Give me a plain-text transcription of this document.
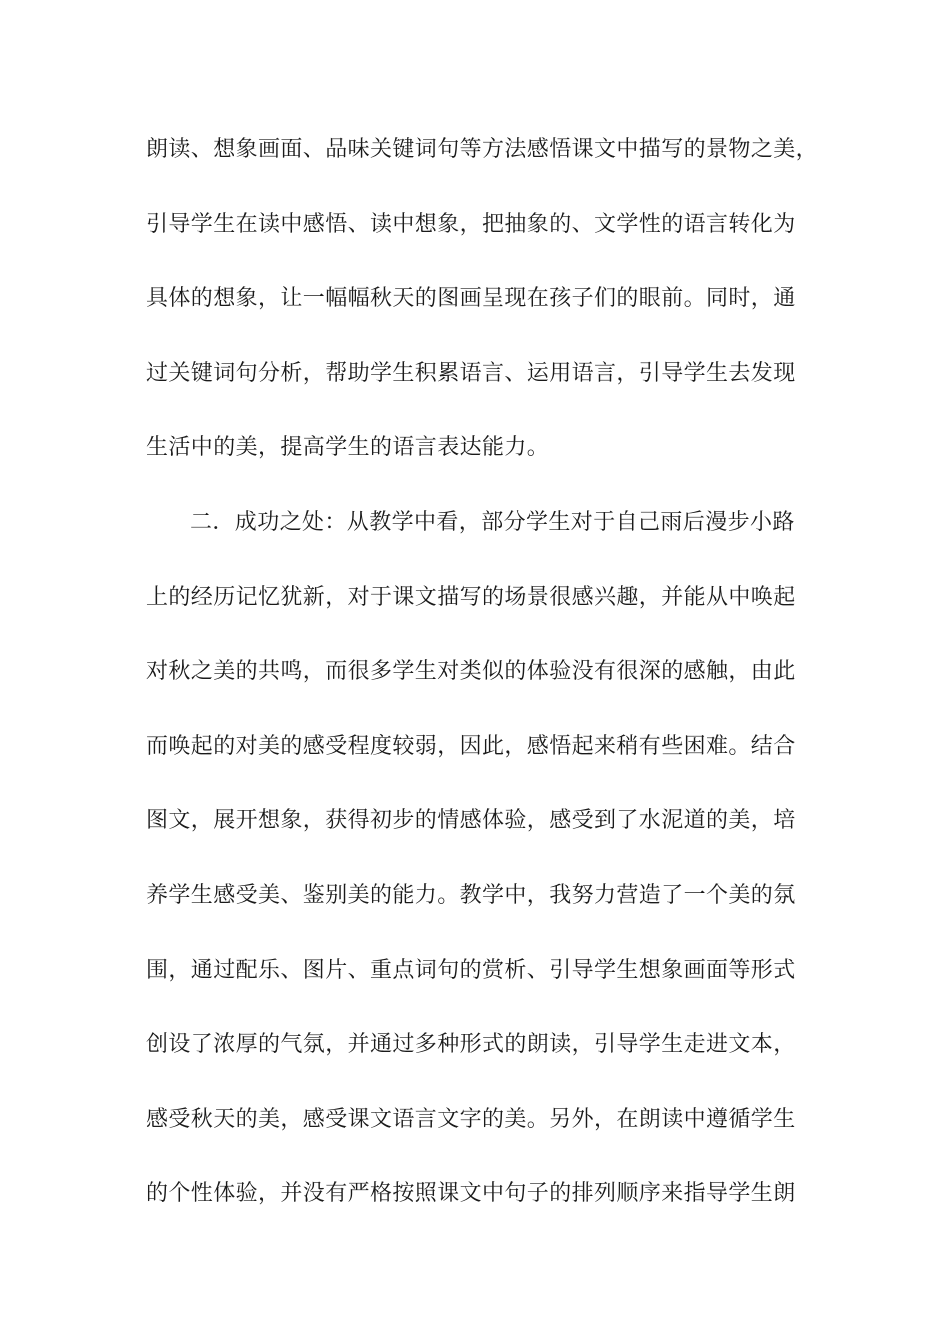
朗读、想象画面、品味关键词句等方法感悟课文中描写的景物之美，
引导学生在读中感悟、读中想象，把抽象的、文学性的语言转化为
具体的想象，让一幅幅秋天的图画呈现在孩子们的眼前。同时，通
过关键词句分析，帮助学生积累语言、运用语言，引导学生去发现
生活中的美，提高学生的语言表达能力。
二．成功之处：从教学中看，部分学生对于自己雨后漫步小路
上的经历记忆犹新，对于课文描写的场景很感兴趣，并能从中唤起
对秋之美的共鸣，而很多学生对类似的体验没有很深的感触，由此
而唤起的对美的感受程度较弱，因此，感悟起来稍有些困难。结合
图文，展开想象，获得初步的情感体验，感受到了水泥道的美，培
养学生感受美、鉴别美的能力。教学中，我努力营造了一个美的氛
围，通过配乐、图片、重点词句的赏析、引导学生想象画面等形式
创设了浓厚的气氛，并通过多种形式的朗读，引导学生走进文本，
感受秋天的美，感受课文语言文字的美。另外，在朗读中遵循学生
的个性体验，并没有严格按照课文中句子的排列顺序来指导学生朗
